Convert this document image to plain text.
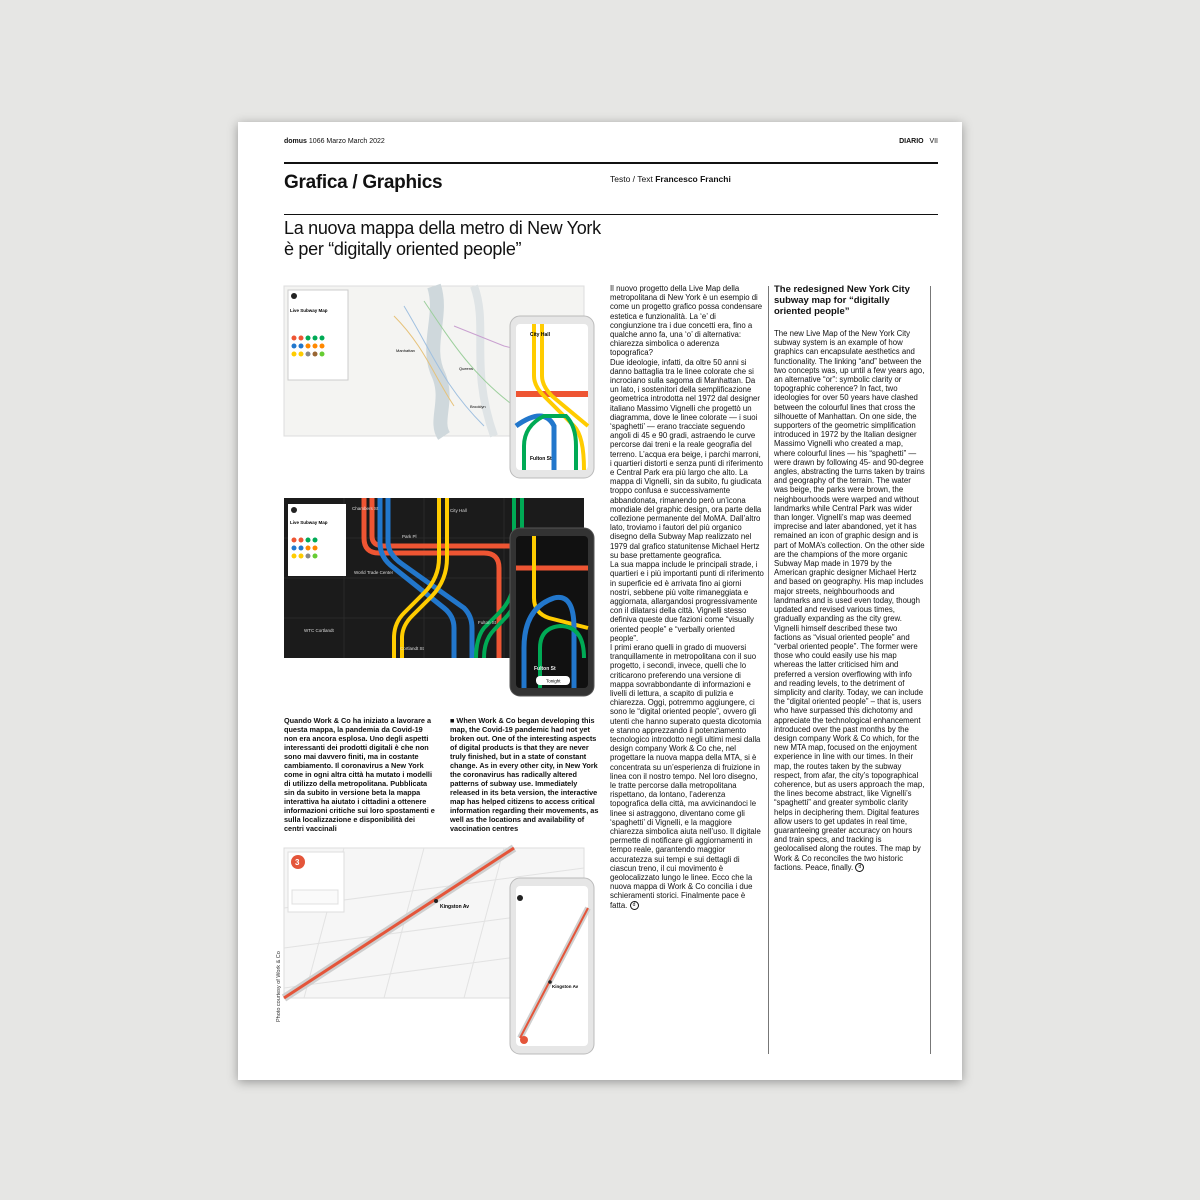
domus 1066 Marzo March 2022	DIARIO VII
Grafica / Graphics	Testo / Text Francesco Franchi
La nuova mappa della metro di New York è per “digitally oriented people”
Live Subway Map
Manhattan
Queens
Brooklyn
City Hall
Fulton St
Live Subway Map
Chambers St	City Hall
Park Pl
World Trade Center
WTC Cortlandt
Cortlandt St
Fulton St
Fulton St
Tonight
Quando Work & Co ha iniziato a lavorare a questa mappa, la pandemia da Covid-19 non era ancora esplosa. Uno degli aspetti interessanti dei prodotti digitali è che non sono mai davvero finiti, ma in costante cambiamento. Il coronavirus a New York come in ogni altra città ha mutato i modelli di utilizzo della metropolitana. Pubblicata sin da subito in versione beta la mappa interattiva ha aiutato i cittadini a ottenere informazioni critiche sui loro spostamenti e sulla localizzazione e disponibilità dei centri vaccinali
■ When Work & Co began developing this map, the Covid-19 pandemic had not yet broken out. One of the interesting aspects of digital products is that they are never truly finished, but in a state of constant change. As in every other city, in New York the coronavirus has radically altered patterns of subway use. Immediately released in its beta version, the interactive map has helped citizens to access critical information regarding their movements, as well as the locations and availability of vaccination centres
3
Kingston Av
Kingston Av
Photo courtesy of Work & Co

Il nuovo progetto della Live Map della metropolitana di New York è un esempio di come un progetto grafico possa condensare estetica e funzionalità. La ‘e’ di congiunzione tra i due concetti era, fino a qualche anno fa, una ‘o’ di alternativa: chiarezza simbolica o aderenza topografica?

Due ideologie, infatti, da oltre 50 anni si danno battaglia tra le linee colorate che si incrociano sulla sagoma di Manhattan. Da un lato, i sostenitori della semplificazione geometrica introdotta nel 1972 dal designer italiano Massimo Vignelli che progettò un diagramma, dove le linee colorate — i suoi ‘spaghetti’ — erano tracciate seguendo angoli di 45 e 90 gradi, astraendo le curve percorse dai treni e la reale geografia del terreno. L’acqua era beige, i parchi marroni, i quartieri distorti e senza punti di riferimento e Central Park era più largo che alto. La mappa di Vignelli, sin da subito, fu giudicata troppo confusa e successivamente abbandonata, rimanendo però un’icona mondiale del graphic design, ora parte della collezione permanente del MoMA. Dall’altro lato, troviamo i fautori del più organico disegno della Subway Map realizzato nel 1979 dal grafico statunitense Michael Hertz su base prettamente geografica.

La sua mappa include le principali strade, i quartieri e i più importanti punti di riferimento in superficie ed è arrivata fino ai giorni nostri, sebbene più volte rimaneggiata e aggiornata, allargandosi progressivamente con il dilatarsi della città. Vignelli stesso definiva queste due fazioni come “visually oriented people” e “verbally oriented people”.

I primi erano quelli in grado di muoversi tranquillamente in metropolitana con il suo progetto, i secondi, invece, quelli che lo criticarono preferendo una versione di mappa sovrabbondante di informazioni e livelli di lettura, a scapito di pulizia e chiarezza. Oggi, potremmo aggiungere, ci sono le “digital oriented people”, ovvero gli utenti che hanno superato questa dicotomia e stanno apprezzando il potenziamento tecnologico introdotto negli ultimi mesi dalla design company Work & Co che, nel progettare la nuova mappa della MTA, si è concentrata su un’esperienza di fruizione in linea con il nostro tempo. Nel loro disegno, le tratte percorse dalla metropolitana rispettano, da lontano, l’aderenza topografica della città, ma avvicinandoci le linee si astraggono, diventano come gli ‘spaghetti’ di Vignelli, e la maggiore chiarezza simbolica aiuta nell’uso. Il digitale permette di notificare gli aggiornamenti in tempo reale, garantendo maggior accuratezza sui tempi e sui dettagli di ciascun treno, il cui movimento è geolocalizzato lungo le linee. Ecco che la nuova mappa di Work & Co concilia i due schieramenti storici. Finalmente pace è fatta. d

The redesigned New York City subway map for “digitally oriented people”

The new Live Map of the New York City subway system is an example of how graphics can encapsulate aesthetics and functionality. The linking “and” between the two concepts was, up until a few years ago, an alternative “or”: symbolic clarity or topographic coherence? In fact, two ideologies for over 50 years have clashed between the colourful lines that cross the silhouette of Manhattan. On one side, the supporters of the geometric simplification introduced in 1972 by the Italian designer Massimo Vignelli who created a map, where colourful lines — his “spaghetti” — were drawn by following 45- and 90-degree angles, abstracting the turns taken by trains and geography of the terrain. The water was beige, the parks were brown, the neighbourhoods were warped and without landmarks while Central Park was wider than longer. Vignelli’s map was deemed imprecise and later abandoned, yet it has remained an icon of graphic design and is part of MoMA’s collection. On the other side are the champions of the more organic Subway Map made in 1979 by the American graphic designer Michael Hertz and based on geography. His map includes major streets, neighbourhoods and landmarks and is used even today, though updated and revised various times, gradually expanding as the city grew. Vignelli himself described these two factions as “visual oriented people” and “verbal oriented people”. The former were those who could easily use his map whereas the latter criticised him and preferred a version overflowing with info and reading levels, to the detriment of simplicity and clarity. Today, we can include the “digital oriented people” – that is, users who have surpassed this dichotomy and appreciate the technological enhancement introduced over the past months by the design company Work & Co which, for the new MTA map, focused on the enjoyment experience in line with our times. In their map, the routes taken by the subway respect, from afar, the city’s topographical coherence, but as users approach the map, the lines become abstract, like Vignelli’s “spaghetti” and greater symbolic clarity helps in deciphering them. Digital features allow users to get updates in real time, guaranteeing greater accuracy on hours and train specs, and tracking is geolocalised along the routes. The map by Work & Co reconciles the two historic factions. Peace, finally. d
